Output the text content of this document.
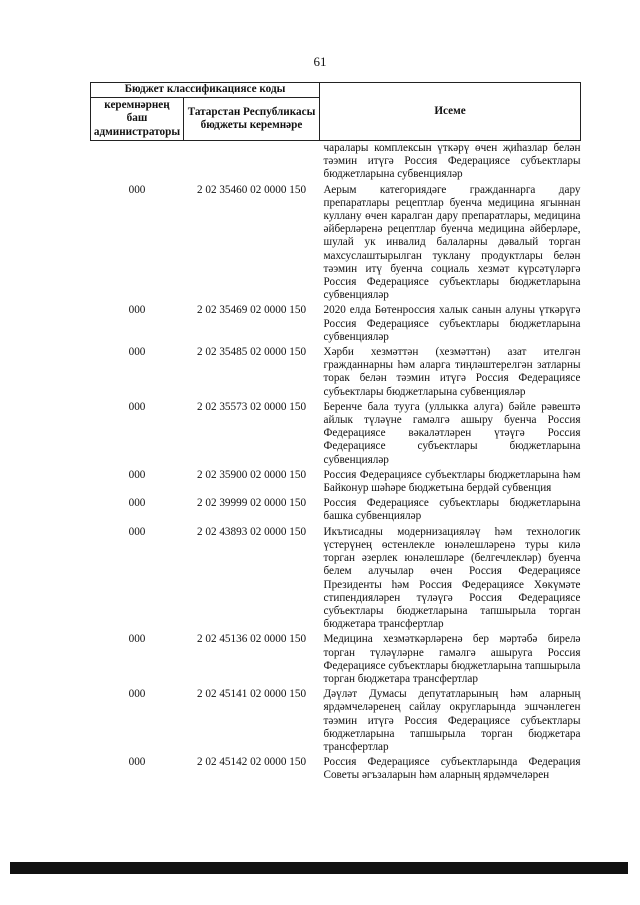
61
Бюджет классификациясе коды		Исеме
керемнәрнең баш администраторы	Татарстан Республикасы бюджеты керемнәре	
		чаралары комплексын үткәрү өчен җиһазлар белән тәэмин итүгә Россия Федерациясе субъектлары бюджетларына субвенцияләр
000	2 02 35460 02 0000 150	Аерым категориядәге гражданнарга дару препаратлары рецептлар буенча медицина ягыннан куллану өчен каралган дару препаратлары, медицина әйберләренә рецептлар буенча медицина әйберләре, шулай ук инвалид балаларны дәвалый торган махсуслаштырылган туклану продуктлары белән тәэмин итү буенча социаль хезмәт күрсәтүләргә Россия Федерациясе субъектлары бюджетларына субвенцияләр
000	2 02 35469 02 0000 150	2020 елда Бөтенроссия халык санын алуны үткәрүгә Россия Федерациясе субъектлары бюджетларына субвенцияләр
000	2 02 35485 02 0000 150	Хәрби хезмәттән (хезмәттән) азат ителгән гражданнарны һәм аларга тиңләштерелгән затларны торак белән тәэмин итүгә Россия Федерациясе субъектлары бюджетларына субвенцияләр
000	2 02 35573 02 0000 150	Беренче бала тууга (уллыкка алуга) бәйле рәвештә айлык түләүне гамәлгә ашыру буенча Россия Федерациясе вәкаләтләрен үтәүгә Россия Федерациясе субъектлары бюджетларына субвенцияләр
000	2 02 35900 02 0000 150	Россия Федерациясе субъектлары бюджетларына һәм Байконур шәһәре бюджетына бердәй субвенция
000	2 02 39999 02 0000 150	Россия Федерациясе субъектлары бюджетларына башка субвенцияләр
000	2 02 43893 02 0000 150	Икътисадны модернизацияләү һәм технологик үстерүнең өстенлекле юнәлешләренә туры килә торган әзерлек юнәлешләре (белгечлекләр) буенча белем алучылар өчен Россия Федерациясе Президенты һәм Россия Федерациясе Хөкүмәте стипендияләрен түләүгә Россия Федерациясе субъектлары бюджетларына тапшырыла торган бюджетара трансфертлар
000	2 02 45136 02 0000 150	Медицина хезмәткәрләренә бер мәртәбә бирелә торган түләүләрне гамәлгә ашыруга Россия Федерациясе субъектлары бюджетларына тапшырыла торган бюджетара трансфертлар
000	2 02 45141 02 0000 150	Дәүләт Думасы депутатларының һәм аларның ярдәмчеләренең сайлау округларында эшчәнлеген тәэмин итүгә Россия Федерациясе субъектлары бюджетларына тапшырыла торган бюджетара трансфертлар
000	2 02 45142 02 0000 150	Россия Федерациясе субъектларында Федерация Советы әгъзаларын һәм аларның ярдәмчеләрен
